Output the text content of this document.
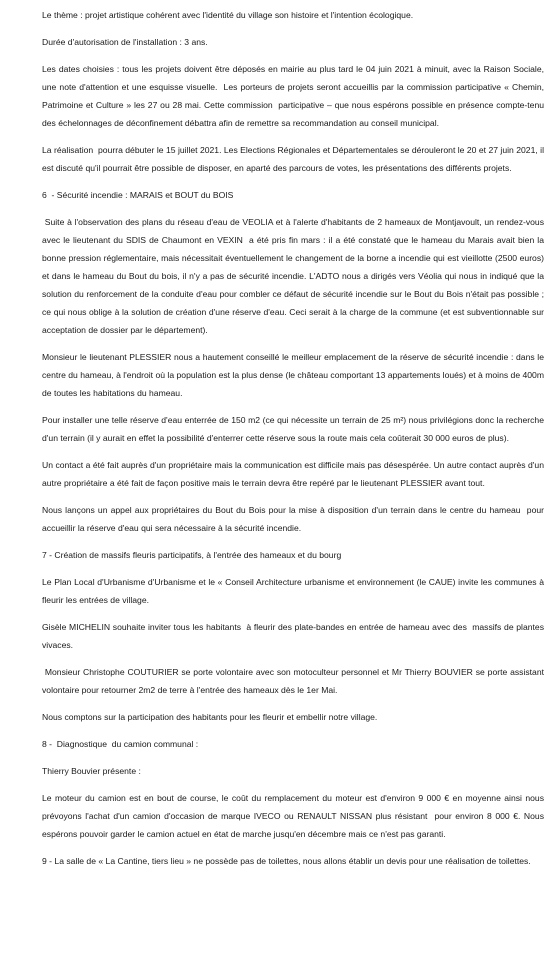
Le thème : projet artistique cohérent avec l'identité du village son histoire et l'intention écologique.

Durée d'autorisation de l'installation : 3 ans.

Les dates choisies : tous les projets doivent être déposés en mairie au plus tard le 04 juin 2021 à minuit, avec la Raison Sociale, une note d'attention et une esquisse visuelle.  Les porteurs de projets seront accueillis par la commission participative « Chemin, Patrimoine et Culture » les 27 ou 28 mai. Cette commission  participative – que nous espérons possible en présence compte-tenu des échelonnages de déconfinement débattra afin de remettre sa recommandation au conseil municipal.

La réalisation  pourra débuter le 15 juillet 2021. Les Elections Régionales et Départementales se dérouleront le 20 et 27 juin 2021, il est discuté qu'il pourrait être possible de disposer, en aparté des parcours de votes, les présentations des différents projets.

6  - Sécurité incendie : MARAIS et BOUT du BOIS

Suite à l'observation des plans du réseau d'eau de VEOLIA et à l'alerte d'habitants de 2 hameaux de Montjavoult, un rendez-vous avec le lieutenant du SDIS de Chaumont en VEXIN  a été pris fin mars : il a été constaté que le hameau du Marais avait bien la bonne pression réglementaire, mais nécessitait éventuellement le changement de la borne a incendie qui est vieillotte (2500 euros) et dans le hameau du Bout du bois, il n'y a pas de sécurité incendie. L'ADTO nous a dirigés vers Véolia qui nous in indiqué que la solution du renforcement de la conduite d'eau pour combler ce défaut de sécurité incendie sur le Bout du Bois n'était pas possible ; ce qui nous oblige à la solution de création d'une réserve d'eau. Ceci serait à la charge de la commune (et est subventionnable sur acceptation de dossier par le département).

Monsieur le lieutenant PLESSIER nous a hautement conseillé le meilleur emplacement de la réserve de sécurité incendie : dans le centre du hameau, à l'endroit où la population est la plus dense (le château comportant 13 appartements loués) et à moins de 400m de toutes les habitations du hameau.

Pour installer une telle réserve d'eau enterrée de 150 m2 (ce qui nécessite un terrain de 25 m²) nous privilégions donc la recherche d'un terrain (il y aurait en effet la possibilité d'enterrer cette réserve sous la route mais cela coûterait 30 000 euros de plus).

Un contact a été fait auprès d'un propriétaire mais la communication est difficile mais pas désespérée. Un autre contact auprès d'un autre propriétaire a été fait de façon positive mais le terrain devra être repéré par le lieutenant PLESSIER avant tout.

Nous lançons un appel aux propriétaires du Bout du Bois pour la mise à disposition d'un terrain dans le centre du hameau  pour accueillir la réserve d'eau qui sera nécessaire à la sécurité incendie.

7 - Création de massifs fleuris participatifs, à l'entrée des hameaux et du bourg

Le Plan Local d'Urbanisme d'Urbanisme et le « Conseil Architecture urbanisme et environnement (le CAUE) invite les communes à fleurir les entrées de village.

Gisèle MICHELIN souhaite inviter tous les habitants  à fleurir des plate-bandes en entrée de hameau avec des  massifs de plantes vivaces.

Monsieur Christophe COUTURIER se porte volontaire avec son motoculteur personnel et Mr Thierry BOUVIER se porte assistant volontaire pour retourner 2m2 de terre à l'entrée des hameaux dès le 1er Mai.

Nous comptons sur la participation des habitants pour les fleurir et embellir notre village.

8 -  Diagnostique  du camion communal :

Thierry Bouvier présente :

Le moteur du camion est en bout de course, le coût du remplacement du moteur est d'environ 9 000 € en moyenne ainsi nous prévoyons l'achat d'un camion d'occasion de marque IVECO ou RENAULT NISSAN plus résistant  pour environ 8 000 €. Nous espérons pouvoir garder le camion actuel en état de marche jusqu'en décembre mais ce n'est pas garanti.

9 - La salle de « La Cantine, tiers lieu » ne possède pas de toilettes, nous allons établir un devis pour une réalisation de toilettes.
